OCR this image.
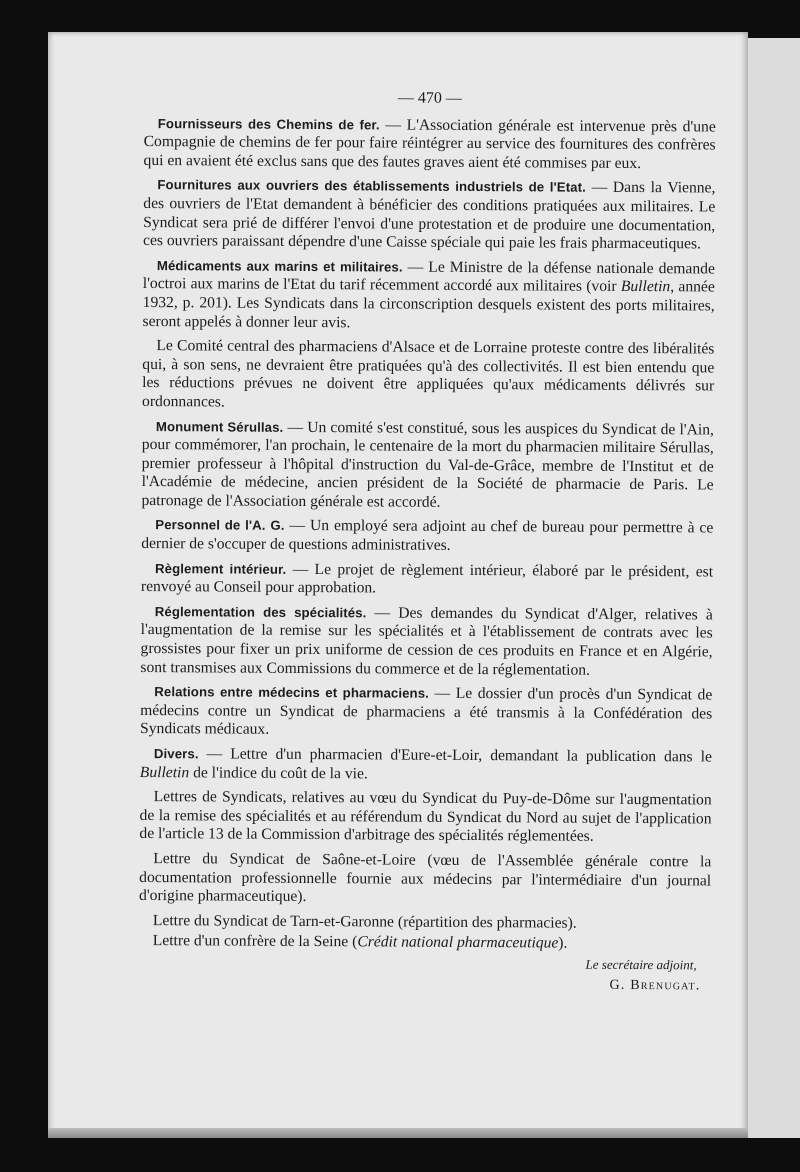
— 470 —

Fournisseurs des Chemins de fer. — L'Association générale est intervenue près d'une Compagnie de chemins de fer pour faire réintégrer au service des fournitures des confrères qui en avaient été exclus sans que des fautes graves aient été commises par eux.

Fournitures aux ouvriers des établissements industriels de l'Etat. — Dans la Vienne, des ouvriers de l'Etat demandent à bénéficier des conditions pratiquées aux militaires. Le Syndicat sera prié de différer l'envoi d'une protestation et de produire une documentation, ces ouvriers paraissant dépendre d'une Caisse spéciale qui paie les frais pharmaceutiques.

Médicaments aux marins et militaires. — Le Ministre de la défense nationale demande l'octroi aux marins de l'Etat du tarif récemment accordé aux militaires (voir Bulletin, année 1932, p. 201). Les Syndicats dans la circonscription desquels existent des ports militaires, seront appelés à donner leur avis.

Le Comité central des pharmaciens d'Alsace et de Lorraine proteste contre des libéralités qui, à son sens, ne devraient être pratiquées qu'à des collectivités. Il est bien entendu que les réductions prévues ne doivent être appliquées qu'aux médicaments délivrés sur ordonnances.

Monument Sérullas. — Un comité s'est constitué, sous les auspices du Syndicat de l'Ain, pour commémorer, l'an prochain, le centenaire de la mort du pharmacien militaire Sérullas, premier professeur à l'hôpital d'instruction du Val-de-Grâce, membre de l'Institut et de l'Académie de médecine, ancien président de la Société de pharmacie de Paris. Le patronage de l'Association générale est accordé.

Personnel de l'A. G. — Un employé sera adjoint au chef de bureau pour permettre à ce dernier de s'occuper de questions administratives.

Règlement intérieur. — Le projet de règlement intérieur, élaboré par le président, est renvoyé au Conseil pour approbation.

Réglementation des spécialités. — Des demandes du Syndicat d'Alger, relatives à l'augmentation de la remise sur les spécialités et à l'établissement de contrats avec les grossistes pour fixer un prix uniforme de cession de ces produits en France et en Algérie, sont transmises aux Commissions du commerce et de la réglementation.

Relations entre médecins et pharmaciens. — Le dossier d'un procès d'un Syndicat de médecins contre un Syndicat de pharmaciens a été transmis à la Confédération des Syndicats médicaux.

Divers. — Lettre d'un pharmacien d'Eure-et-Loir, demandant la publication dans le Bulletin de l'indice du coût de la vie.

Lettres de Syndicats, relatives au vœu du Syndicat du Puy-de-Dôme sur l'augmentation de la remise des spécialités et au référendum du Syndicat du Nord au sujet de l'application de l'article 13 de la Commission d'arbitrage des spécialités réglementées.

Lettre du Syndicat de Saône-et-Loire (vœu de l'Assemblée générale contre la documentation professionnelle fournie aux médecins par l'intermédiaire d'un journal d'origine pharmaceutique).

Lettre du Syndicat de Tarn-et-Garonne (répartition des pharmacies).

Lettre d'un confrère de la Seine (Crédit national pharmaceutique).

Le secrétaire adjoint,
G. Brenugat.
